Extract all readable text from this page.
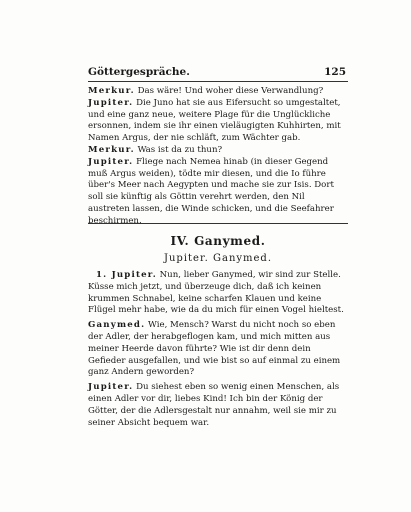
Göttergespräche.	125

Merkur. Das wäre! Und woher diese Verwandlung?

Jupiter. Die Juno hat sie aus Eifersucht so umgestaltet, und eine ganz neue, weitere Plage für die Unglückliche ersonnen, indem sie ihr einen vieläugigten Kuhhirten, mit Namen Argus, der nie schläft, zum Wächter gab.

Merkur. Was ist da zu thun?

Jupiter. Fliege nach Nemea hinab (in dieser Gegend muß Argus weiden), tödte mir diesen, und die Io führe über's Meer nach Aegypten und mache sie zur Isis. Dort soll sie künftig als Göttin verehrt werden, den Nil austreten lassen, die Winde schicken, und die Seefahrer beschirmen.

IV. Ganymed.
Jupiter. Ganymed.

1. Jupiter. Nun, lieber Ganymed, wir sind zur Stelle. Küsse mich jetzt, und überzeuge dich, daß ich keinen krummen Schnabel, keine scharfen Klauen und keine Flügel mehr habe, wie da du mich für einen Vogel hieltest.

Ganymed. Wie, Mensch? Warst du nicht noch so eben der Adler, der herabgeflogen kam, und mich mitten aus meiner Heerde davon führte? Wie ist dir denn dein Gefieder ausgefallen, und wie bist so auf einmal zu einem ganz Andern geworden?

Jupiter. Du siehest eben so wenig einen Menschen, als einen Adler vor dir, liebes Kind! Ich bin der König der Götter, der die Adlersgestalt nur annahm, weil sie mir zu seiner Absicht bequem war.
